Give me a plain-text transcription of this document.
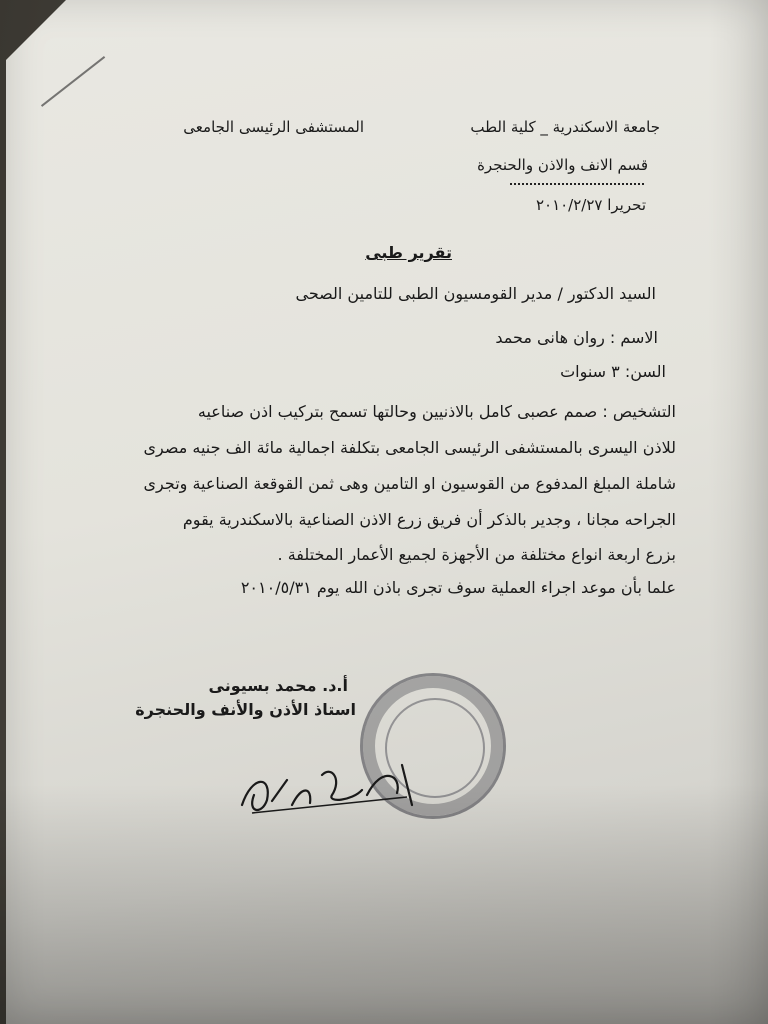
جامعة الاسكندرية _ كلية الطب
المستشفى الرئيسى الجامعى
قسم الانف والاذن والحنجرة
تحريرا ٢٠١٠/٢/٢٧
تقرير طبى
السيد الدكتور / مدير القومسيون الطبى للتامين الصحى
الاسم : روان هانى محمد
السن: ٣ سنوات
التشخيص : صمم عصبى كامل بالاذنيين وحالتها تسمح بتركيب اذن صناعيه
للاذن اليسرى بالمستشفى الرئيسى الجامعى بتكلفة اجمالية مائة الف جنيه مصرى
شاملة المبلغ المدفوع من القوسيون او التامين وهى ثمن القوقعة الصناعية وتجرى
الجراحه مجانا ، وجدير بالذكر أن فريق زرع الاذن الصناعية بالاسكندرية يقوم
بزرع اربعة انواع مختلفة من الأجهزة لجميع الأعمار المختلفة .
علما بأن موعد اجراء العملية سوف تجرى باذن الله يوم ٢٠١٠/٥/٣١
أ.د. محمد بسيونى
استاذ الأذن والأنف والحنجرة
